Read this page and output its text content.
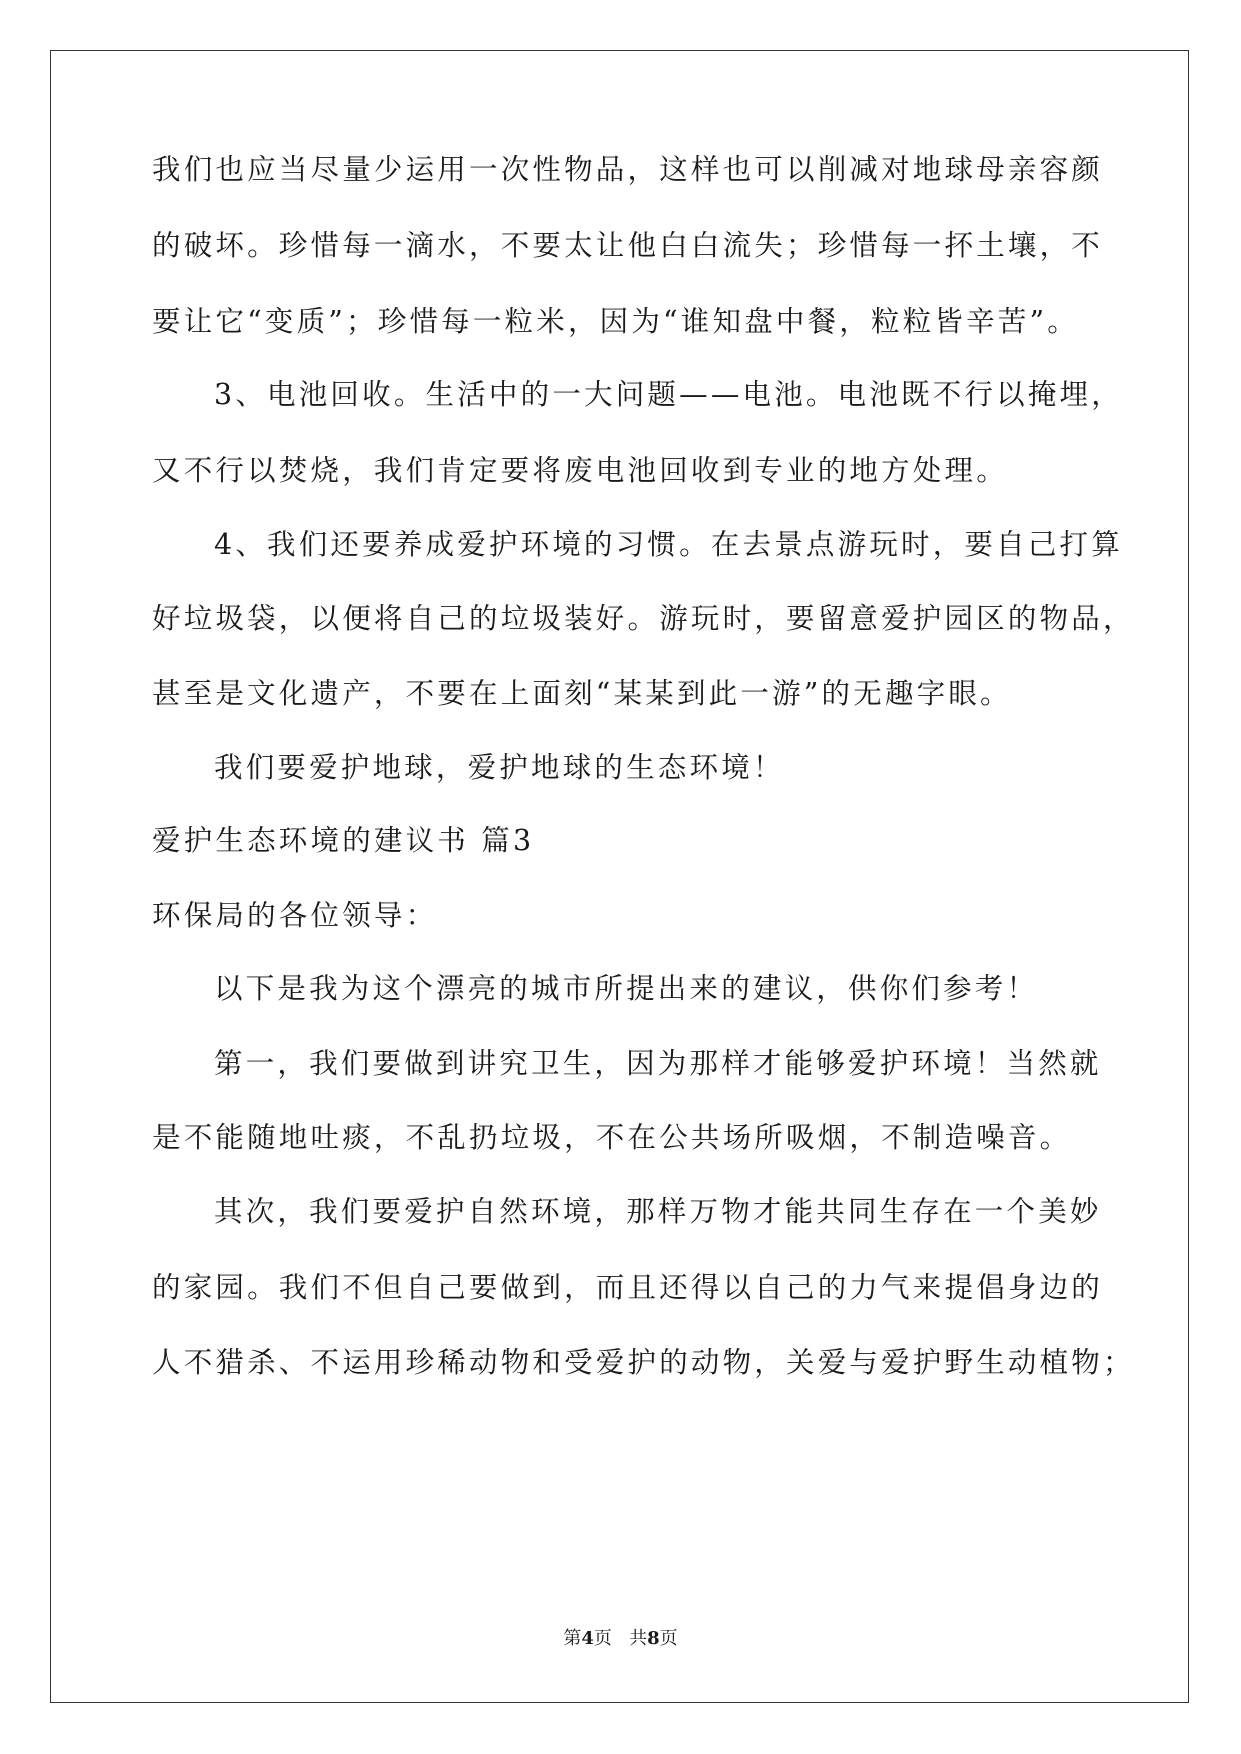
我们也应当尽量少运用一次性物品，这样也可以削减对地球母亲容颜
的破坏。珍惜每一滴水，不要太让他白白流失；珍惜每一抔土壤，不
要让它“变质”；珍惜每一粒米，因为“谁知盘中餐，粒粒皆辛苦”。
3、电池回收。生活中的一大问题——电池。电池既不行以掩埋，
又不行以焚烧，我们肯定要将废电池回收到专业的地方处理。
4、我们还要养成爱护环境的习惯。在去景点游玩时，要自己打算
好垃圾袋，以便将自己的垃圾装好。游玩时，要留意爱护园区的物品，
甚至是文化遗产，不要在上面刻“某某到此一游”的无趣字眼。
我们要爱护地球，爱护地球的生态环境！
爱护生态环境的建议书 篇3
环保局的各位领导：
以下是我为这个漂亮的城市所提出来的建议，供你们参考！
第一，我们要做到讲究卫生，因为那样才能够爱护环境！当然就
是不能随地吐痰，不乱扔垃圾，不在公共场所吸烟，不制造噪音。
其次，我们要爱护自然环境，那样万物才能共同生存在一个美妙
的家园。我们不但自己要做到，而且还得以自己的力气来提倡身边的
人不猎杀、不运用珍稀动物和受爱护的动物，关爱与爱护野生动植物；
第4页   共8页
